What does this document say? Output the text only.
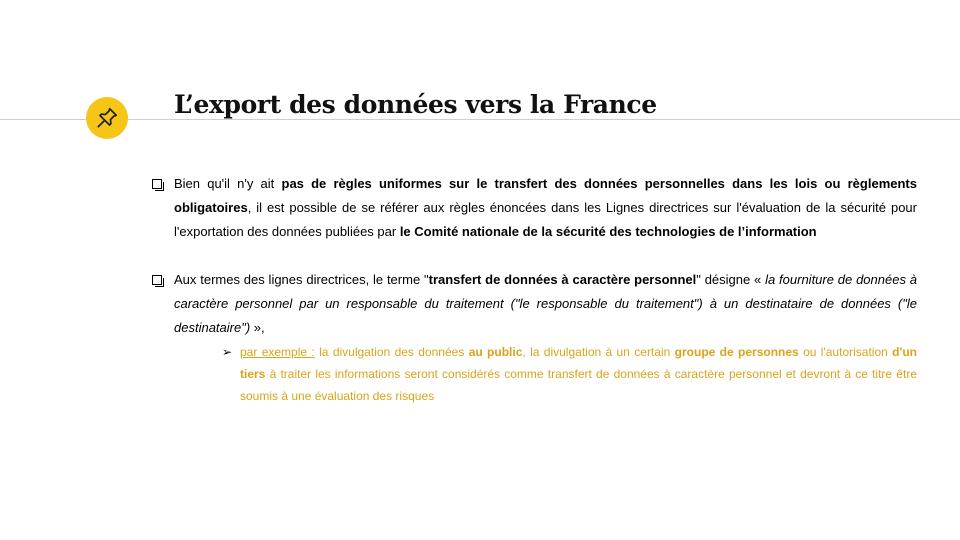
L’export des données vers la France
Bien qu'il n'y ait pas de règles uniformes sur le transfert des données personnelles dans les lois ou règlements obligatoires, il est possible de se référer aux règles énoncées dans les Lignes directrices sur l'évaluation de la sécurité pour l'exportation des données publiées par le Comité nationale de la sécurité des technologies de l’information
Aux termes des lignes directrices, le terme "transfert de données à caractère personnel" désigne « la fourniture de données à caractère personnel par un responsable du traitement ("le responsable du traitement") à un destinataire de données ("le destinataire") »,
➢ par exemple : la divulgation des données au public, la divulgation à un certain groupe de personnes ou l'autorisation d'un tiers à traiter les informations seront considérés comme transfert de données à caractère personnel et devront à ce titre être soumis à une évaluation des risques
